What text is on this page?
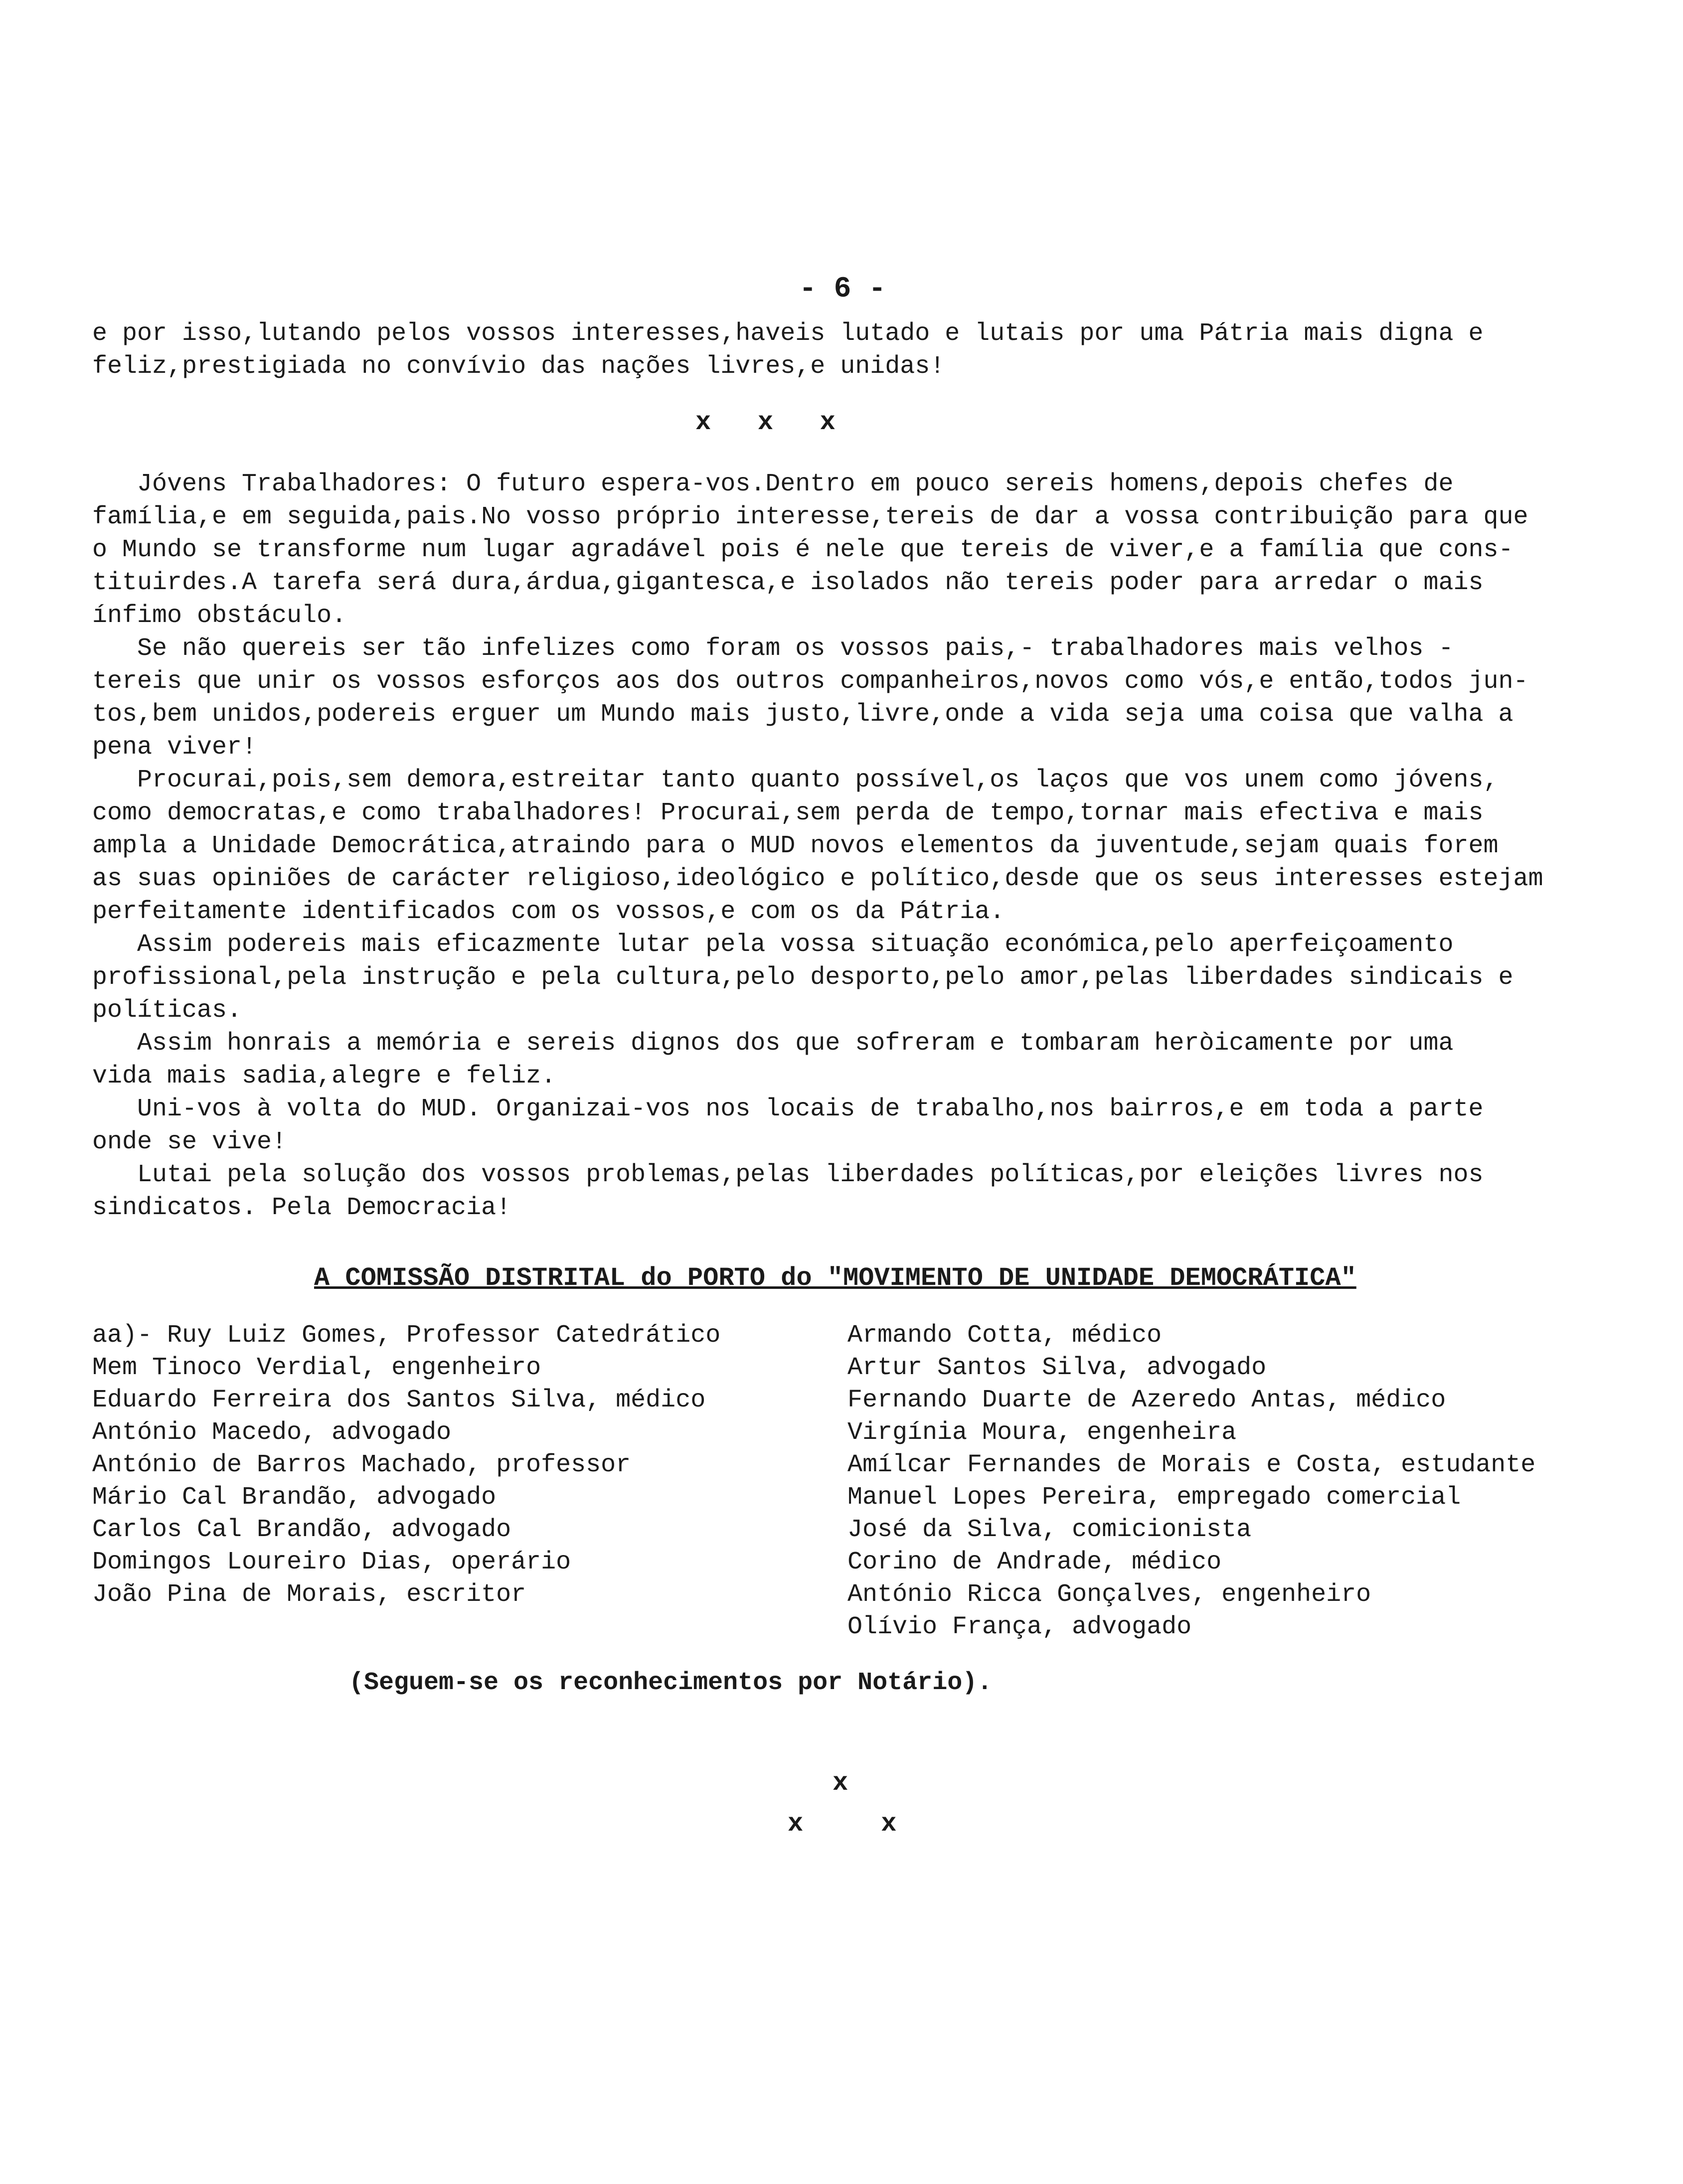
- 6 -
e por isso,lutando pelos vossos interesses,haveis lutado e lutais por uma Pátria mais digna e
feliz,prestigiada no convívio das nações livres,e unidas!
x   x   x
Jóvens Trabalhadores: O futuro espera-vos.Dentro em pouco sereis homens,depois chefes de
família,e em seguida,pais.No vosso próprio interesse,tereis de dar a vossa contribuição para que
o Mundo se transforme num lugar agradável pois é nele que tereis de viver,e a família que cons-
tituirdes.A tarefa será dura,árdua,gigantesca,e isolados não tereis poder para arredar o mais
ínfimo obstáculo.
Se não quereis ser tão infelizes como foram os vossos pais,- trabalhadores mais velhos -
tereis que unir os vossos esforços aos dos outros companheiros,novos como vós,e então,todos jun-
tos,bem unidos,podereis erguer um Mundo mais justo,livre,onde a vida seja uma coisa que valha a
pena viver!
Procurai,pois,sem demora,estreitar tanto quanto possível,os laços que vos unem como jóvens,
como democratas,e como trabalhadores! Procurai,sem perda de tempo,tornar mais efectiva e mais
ampla a Unidade Democrática,atraindo para o MUD novos elementos da juventude,sejam quais forem
as suas opiniões de carácter religioso,ideológico e político,desde que os seus interesses estejam
perfeitamente identificados com os vossos,e com os da Pátria.
Assim podereis mais eficazmente lutar pela vossa situação económica,pelo aperfeiçoamento
profissional,pela instrução e pela cultura,pelo desporto,pelo amor,pelas liberdades sindicais e
políticas.
Assim honrais a memória e sereis dignos dos que sofreram e tombaram heròicamente por uma
vida mais sadia,alegre e feliz.
Uni-vos à volta do MUD. Organizai-vos nos locais de trabalho,nos bairros,e em toda a parte
onde se vive!
Lutai pela solução dos vossos problemas,pelas liberdades políticas,por eleições livres nos
sindicatos. Pela Democracia!
A COMISSÃO DISTRITAL do PORTO do "MOVIMENTO DE UNIDADE DEMOCRÁTICA"
aa)- Ruy Luiz Gomes, Professor Catedrático
Mem Tinoco Verdial, engenheiro
Eduardo Ferreira dos Santos Silva, médico
António Macedo, advogado
António de Barros Machado, professor
Mário Cal Brandão, advogado
Carlos Cal Brandão, advogado
Domingos Loureiro Dias, operário
João Pina de Morais, escritor
Armando Cotta, médico
Artur Santos Silva, advogado
Fernando Duarte de Azeredo Antas, médico
Virgínia Moura, engenheira
Amílcar Fernandes de Morais e Costa, estudante
Manuel Lopes Pereira, empregado comercial
José da Silva, comicionista
Corino de Andrade, médico
António Ricca Gonçalves, engenheiro
Olívio França, advogado
(Seguem-se os reconhecimentos por Notário).
x
x     x
